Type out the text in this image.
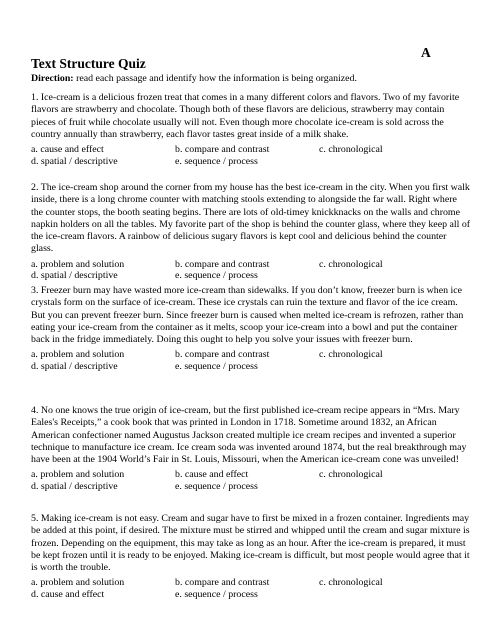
A
Text Structure Quiz
Direction: read each passage and identify how the information is being organized.

1. Ice-cream is a delicious frozen treat that comes in a many different colors and flavors. Two of my favorite flavors are strawberry and chocolate. Though both of these flavors are delicious, strawberry may contain pieces of fruit while chocolate usually will not. Even though more chocolate ice-cream is sold across the country annually than strawberry, each flavor tastes great inside of a milk shake.

a. cause and effect	b. compare and contrast	c. chronological
d. spatial / descriptive	e. sequence / process

2. The ice-cream shop around the corner from my house has the best ice-cream in the city. When you first walk inside, there is a long chrome counter with matching stools extending to alongside the far wall. Right where the counter stops, the booth seating begins. There are lots of old-timey knickknacks on the walls and chrome napkin holders on all the tables. My favorite part of the shop is behind the counter glass, where they keep all of the ice-cream flavors. A rainbow of delicious sugary flavors is kept cool and delicious behind the counter glass.

a. problem and solution	b. compare and contrast	c. chronological
d. spatial / descriptive	e. sequence / process

3. Freezer burn may have wasted more ice-cream than sidewalks. If you don’t know, freezer burn is when ice crystals form on the surface of ice-cream. These ice crystals can ruin the texture and flavor of the ice cream. But you can prevent freezer burn. Since freezer burn is caused when melted ice-cream is refrozen, rather than eating your ice-cream from the container as it melts, scoop your ice-cream into a bowl and put the container back in the fridge immediately. Doing this ought to help you solve your issues with freezer burn.

a. problem and solution	b. compare and contrast	c. chronological
d. spatial / descriptive	e. sequence / process

4. No one knows the true origin of ice-cream, but the first published ice-cream recipe appears in “Mrs. Mary Eales's Receipts,” a cook book that was printed in London in 1718. Sometime around 1832, an African American confectioner named Augustus Jackson created multiple ice cream recipes and invented a superior technique to manufacture ice cream. Ice cream soda was invented around 1874, but the real breakthrough may have been at the 1904 World’s Fair in St. Louis, Missouri, when the American ice-cream cone was unveiled!

a. problem and solution	b. cause and effect	c. chronological
d. spatial / descriptive	e. sequence / process

5. Making ice-cream is not easy. Cream and sugar have to first be mixed in a frozen container. Ingredients may be added at this point, if desired. The mixture must be stirred and whipped until the cream and sugar mixture is frozen. Depending on the equipment, this may take as long as an hour. After the ice-cream is prepared, it must be kept frozen until it is ready to be enjoyed. Making ice-cream is difficult, but most people would agree that it is worth the trouble.

a. problem and solution	b. compare and contrast	c. chronological
d. cause and effect	e. sequence / process
